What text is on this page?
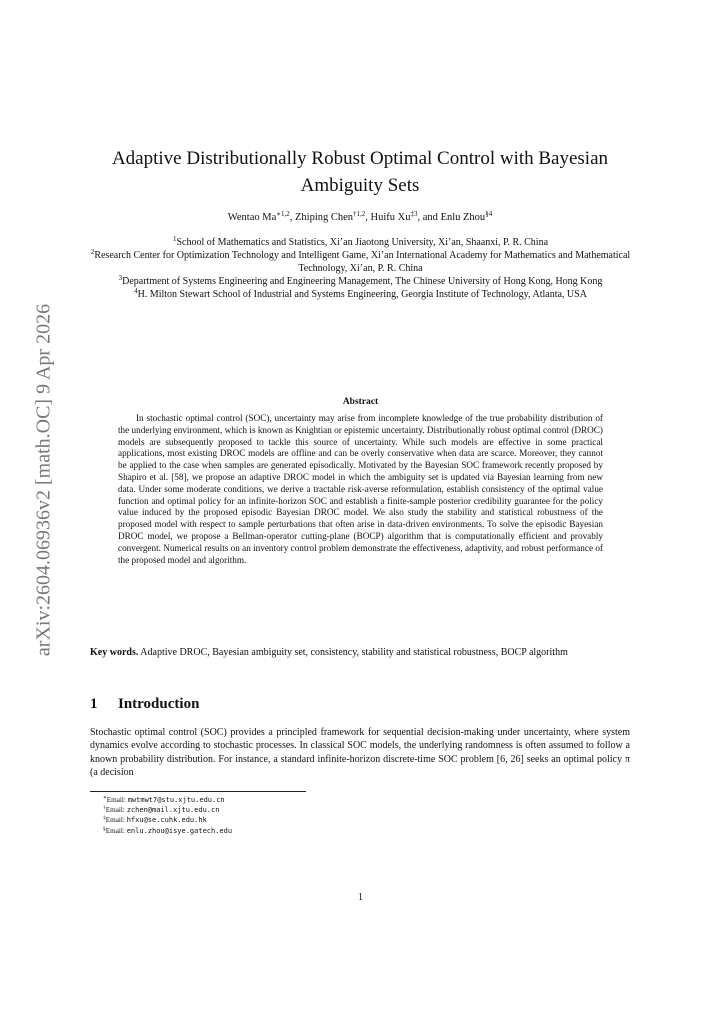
arXiv:2604.06936v2 [math.OC] 9 Apr 2026
Adaptive Distributionally Robust Optimal Control with Bayesian Ambiguity Sets
Wentao $Ma^{∗1,2}$, Zhiping Chen$^{\dagger 1,2}$, Huifu Xu$^{\ddagger 3}$, and Enlu Zhou$^{\S 4}$
$^1$School of Mathematics and Statistics, Xi’an Jiaotong University, Xi’an, Shaanxi, P. R. China
$^2$Research Center for Optimization Technology and Intelligent Game, Xi’an International Academy for Mathematics and Mathematical Technology, Xi’an, P. R. China
$^3$Department of Systems Engineering and Engineering Management, The Chinese University of Hong Kong, Hong Kong
$^4$H. Milton Stewart School of Industrial and Systems Engineering, Georgia Institute of Technology, Atlanta, USA
Abstract

In stochastic optimal control (SOC), uncertainty may arise from incomplete knowledge of the true probability distribution of the underlying environment, which is known as Knightian or epistemic uncertainty. Distributionally robust optimal control (DROC) models are subsequently proposed to tackle this source of uncertainty. While such models are effective in some practical applications, most existing DROC models are offline and can be overly conservative when data are scarce. Moreover, they cannot be applied to the case when samples are generated episodically. Motivated by the Bayesian SOC framework recently proposed by Shapiro et al. [58], we propose an adaptive DROC model in which the ambiguity set is updated via Bayesian learning from new data. Under some moderate conditions, we derive a tractable risk-averse reformulation, establish consistency of the optimal value function and optimal policy for an infinite-horizon SOC and establish a finite-sample posterior credibility guarantee for the policy value induced by the proposed episodic Bayesian DROC model. We also study the stability and statistical robustness of the proposed model with respect to sample perturbations that often arise in data-driven environments. To solve the episodic Bayesian DROC model, we propose a Bellman-operator cutting-plane (BOCP) algorithm that is computationally efficient and provably convergent. Numerical results on an inventory control problem demonstrate the effectiveness, adaptivity, and robust performance of the proposed model and algorithm.

Key words. Adaptive DROC, Bayesian ambiguity set, consistency, stability and statistical robustness, BOCP algorithm
1 Introduction

Stochastic optimal control (SOC) provides a principled framework for sequential decision-making under uncertainty, where system dynamics evolve according to stochastic processes. In classical SOC models, the underlying randomness is often assumed to follow a known probability distribution. For instance, a standard infinite-horizon discrete-time SOC problem [6, 26] seeks an optimal policy π (a decision

∗Email: mwtmwt7@stu.xjtu.edu.cn
†Email: zchen@mail.xjtu.edu.cn
‡Email: hfxu@se.cuhk.edu.hk
§Email: enlu.zhou@isye.gatech.edu
1
